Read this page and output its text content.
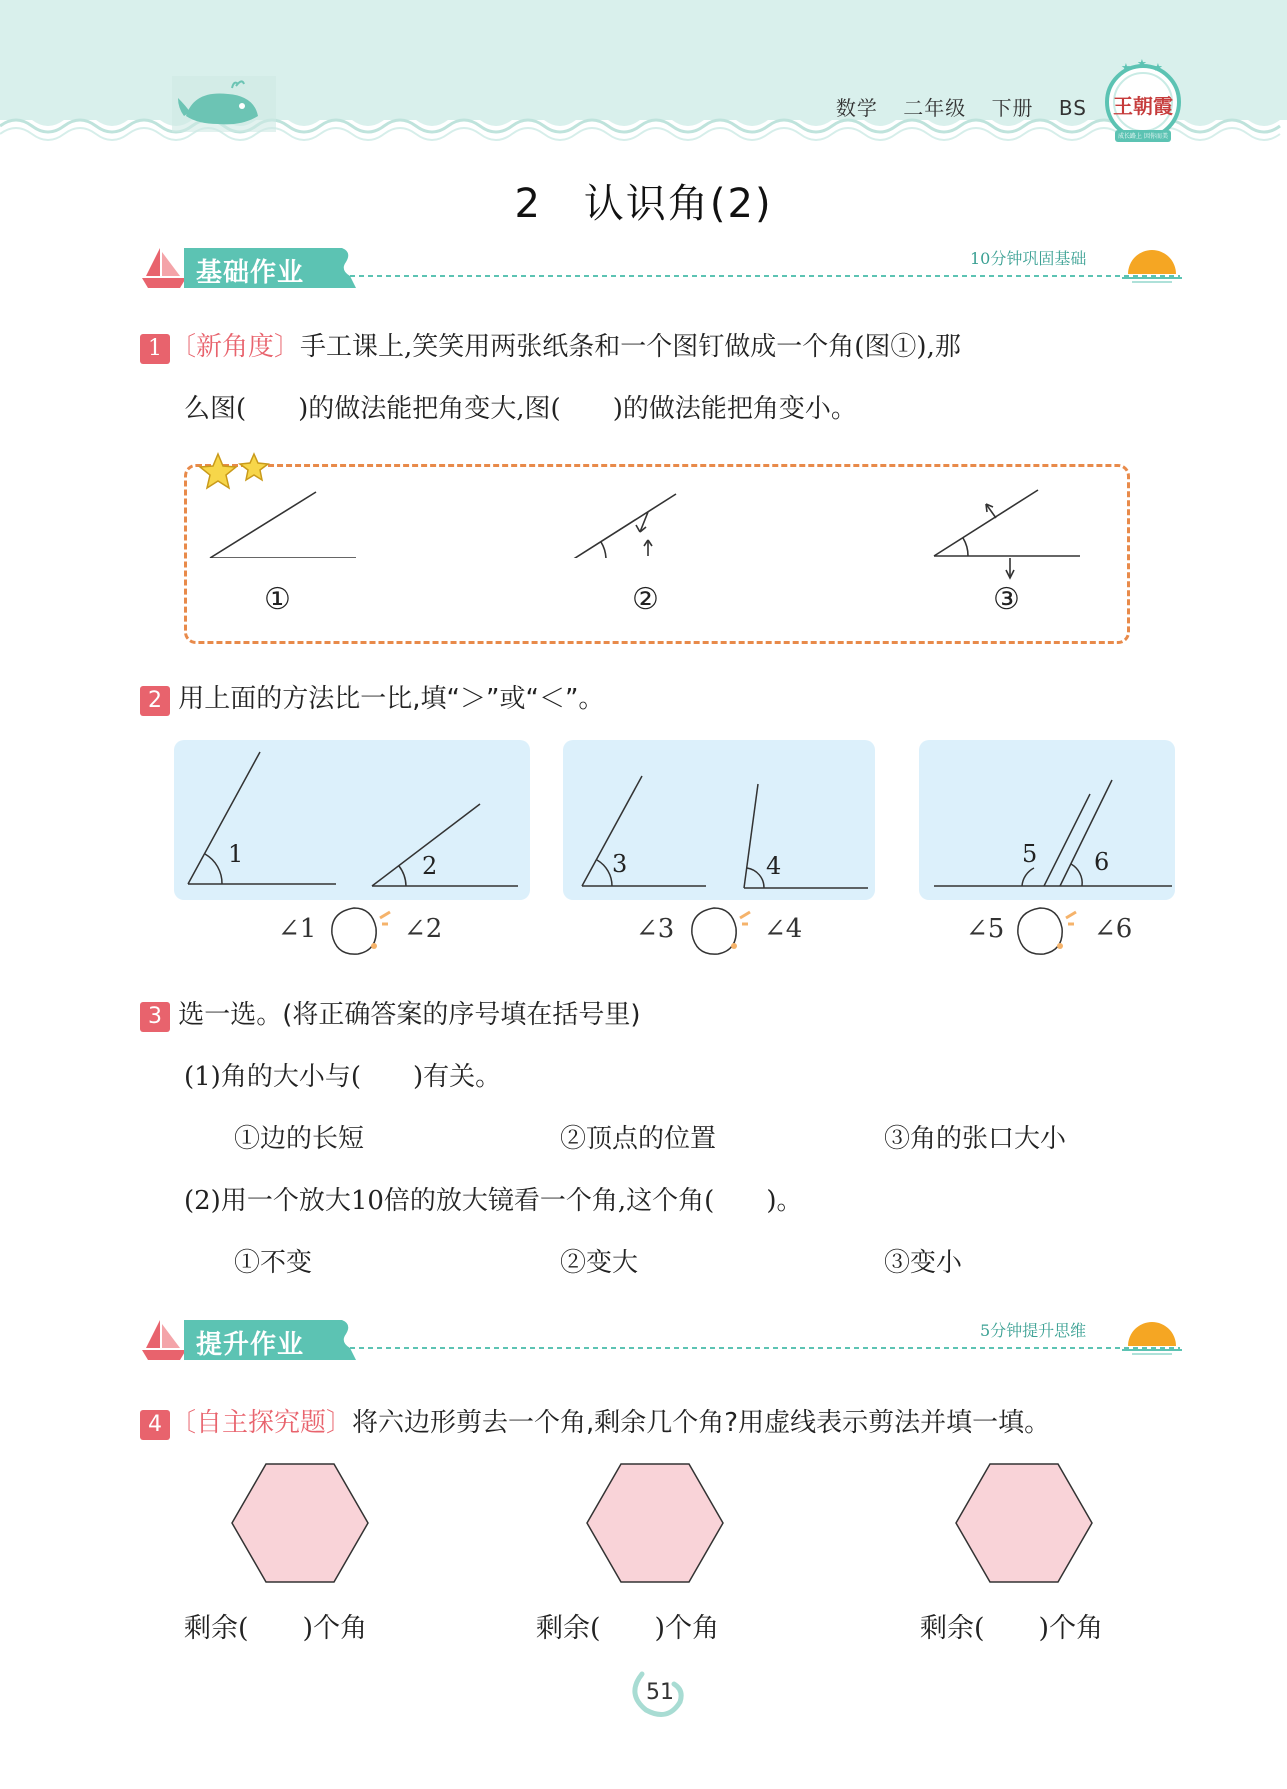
数学 二年级 下册 BS
★ ★ ★
王朝霞
成长路上 因你而美
2　认识角(2)
基础作业	10分钟巩固基础
1 〔新角度〕手工课上,笑笑用两张纸条和一个图钉做成一个角(图①),那
么图(　　)的做法能把角变大,图(　　)的做法能把角变小。
①	②	③
2 用上面的方法比一比,填“＞”或“＜”。
1	2	3	4	5 6
∠1	∠2	∠3	∠4	∠5	∠6
3 选一选。(将正确答案的序号填在括号里)
(1)角的大小与(　　)有关。
①边的长短	②顶点的位置	③角的张口大小
(2)用一个放大10倍的放大镜看一个角,这个角(　　)。
①不变	②变大	③变小
提升作业	5分钟提升思维
4 〔自主探究题〕将六边形剪去一个角,剩余几个角?用虚线表示剪法并填一填。
剩余(　　)个角	剩余(　　)个角	剩余(　　)个角
51
